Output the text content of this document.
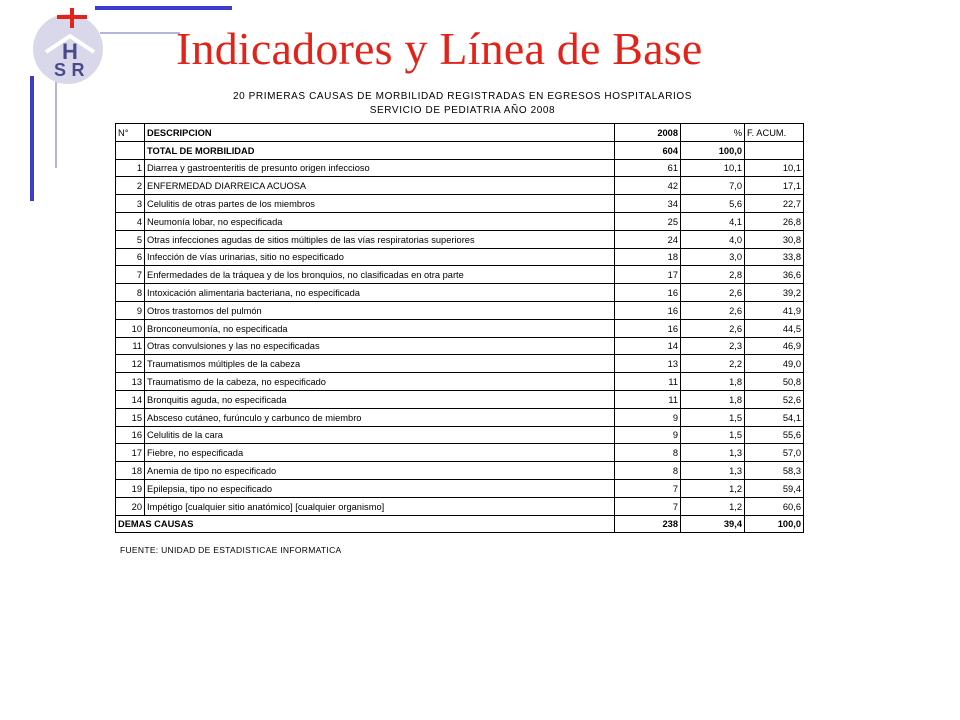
H
S R Indicadores y Línea de Base
20 PRIMERAS CAUSAS DE MORBILIDAD REGISTRADAS EN EGRESOS HOSPITALARIOS
SERVICIO DE PEDIATRIA AÑO 2008
N°	DESCRIPCION	2008	%	F. ACUM.
	TOTAL DE MORBILIDAD	604	100,0	
1	Diarrea y gastroenteritis de presunto origen infeccioso	61	10,1	10,1
2	ENFERMEDAD DIARREICA ACUOSA	42	7,0	17,1
3	Celulitis de otras partes de los miembros	34	5,6	22,7
4	Neumonía lobar, no especificada	25	4,1	26,8
5	Otras infecciones agudas de sitios múltiples de las vías respiratorias superiores	24	4,0	30,8
6	Infección de vías urinarias, sitio no especificado	18	3,0	33,8
7	Enfermedades de la tráquea y de los bronquios, no clasificadas en otra parte	17	2,8	36,6
8	Intoxicación alimentaria bacteriana, no especificada	16	2,6	39,2
9	Otros trastornos del pulmón	16	2,6	41,9
10	Bronconeumonía, no especificada	16	2,6	44,5
11	Otras convulsiones y las no especificadas	14	2,3	46,9
12	Traumatismos múltiples de la cabeza	13	2,2	49,0
13	Traumatismo de la cabeza, no especificado	11	1,8	50,8
14	Bronquitis aguda, no especificada	11	1,8	52,6
15	Absceso cutáneo, furúnculo y carbunco de miembro	9	1,5	54,1
16	Celulitis de la cara	9	1,5	55,6
17	Fiebre, no especificada	8	1,3	57,0
18	Anemia de tipo no especificado	8	1,3	58,3
19	Epilepsia, tipo no especificado	7	1,2	59,4
20	Impétigo [cualquier sitio anatómico] [cualquier organismo]	7	1,2	60,6
DEMAS CAUSAS		238	39,4	100,0
FUENTE: UNIDAD DE ESTADISTICAE INFORMATICA
